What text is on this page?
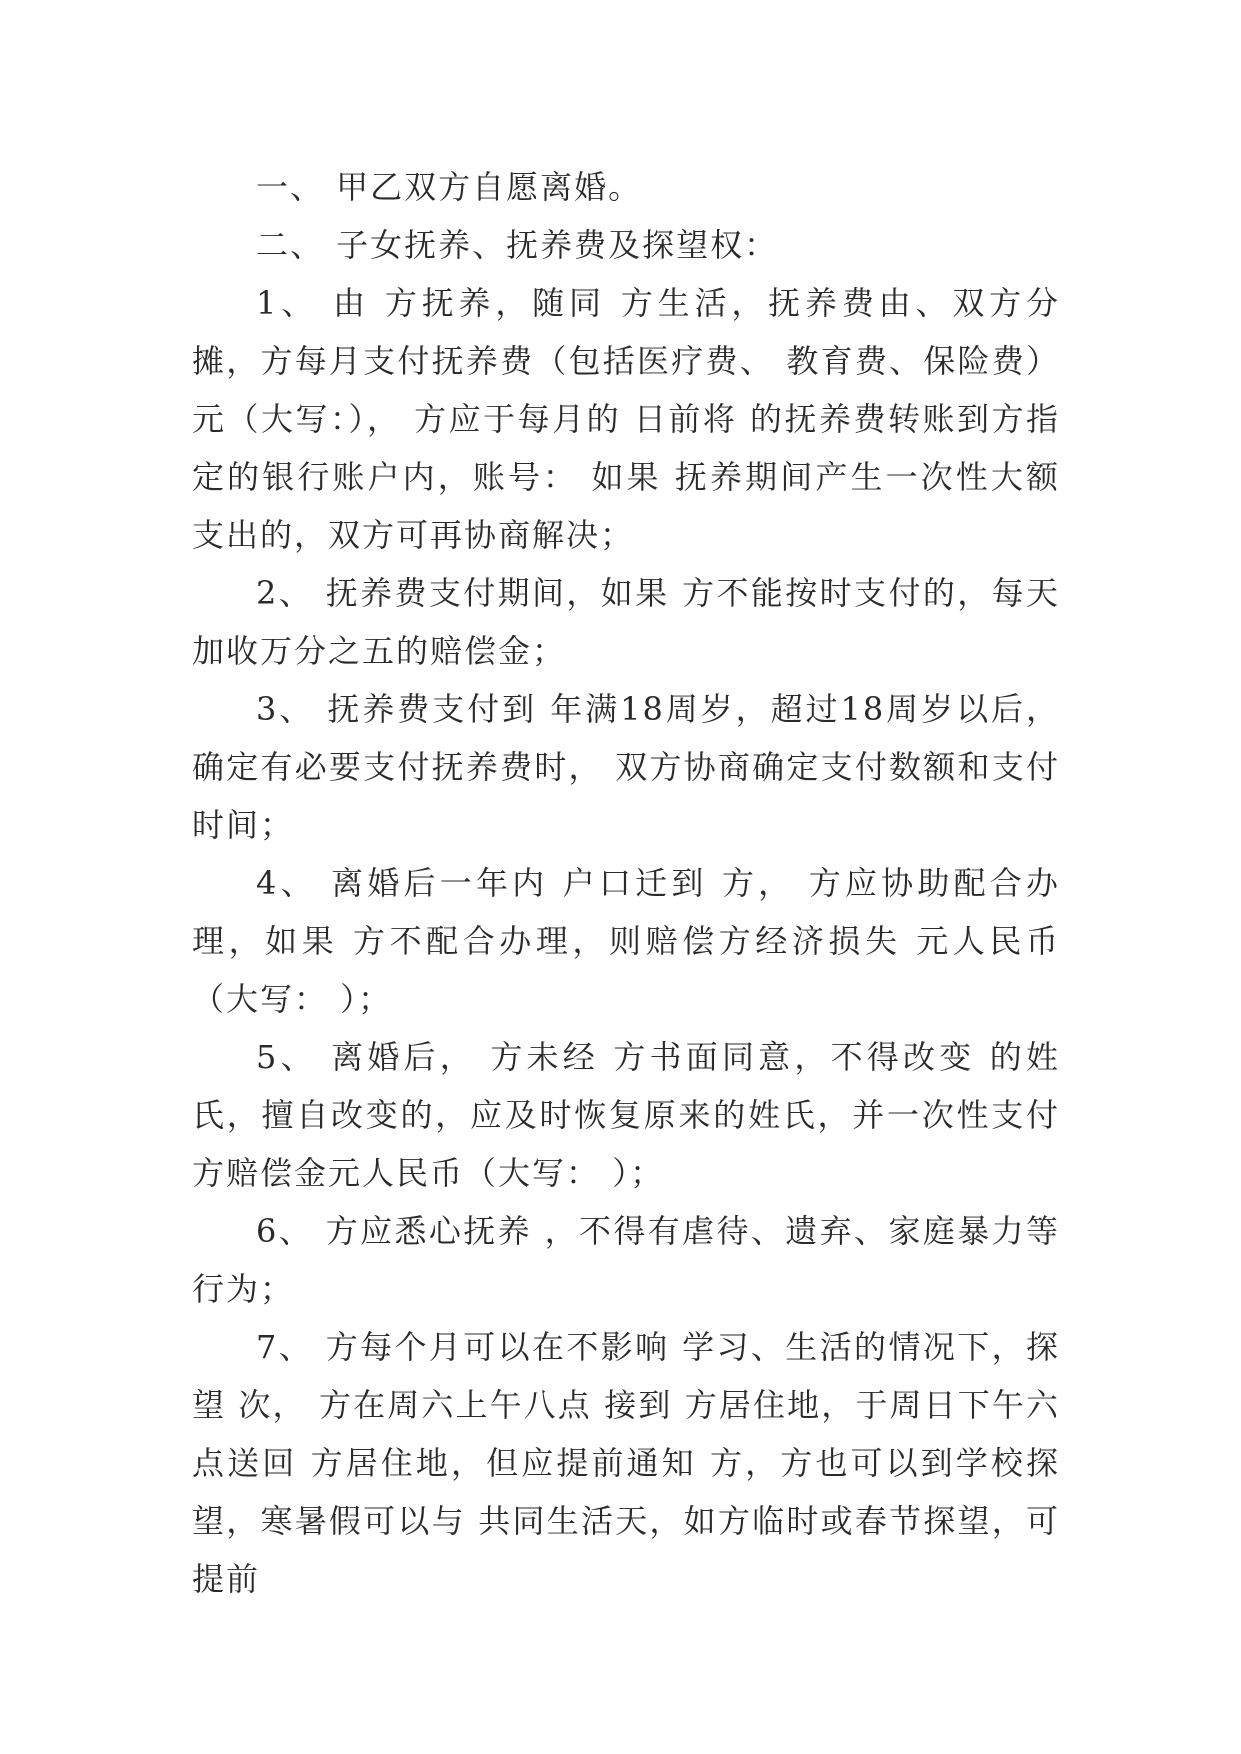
一、 甲乙双方自愿离婚。

二、 子女抚养、抚养费及探望权：

1、 由 方抚养，随同 方生活，抚养费由、双方分摊，方每月支付抚养费（包括医疗费、 教育费、保险费）元（大写：）， 方应于每月的 日前将 的抚养费转账到方指定的银行账户内，账号： 如果 抚养期间产生一次性大额支出的，双方可再协商解决；

2、 抚养费支付期间，如果 方不能按时支付的，每天加收万分之五的赔偿金；

3、 抚养费支付到 年满18周岁，超过18周岁以后，确定有必要支付抚养费时， 双方协商确定支付数额和支付时间；

4、 离婚后一年内 户口迁到 方， 方应协助配合办理，如果 方不配合办理，则赔偿方经济损失 元人民币（大写： ）；

5、 离婚后， 方未经 方书面同意，不得改变 的姓氏，擅自改变的，应及时恢复原来的姓氏，并一次性支付 方赔偿金元人民币（大写： ）；

6、 方应悉心抚养 ，不得有虐待、遗弃、家庭暴力等行为；

7、 方每个月可以在不影响 学习、生活的情况下，探望 次， 方在周六上午八点 接到 方居住地，于周日下午六点送回 方居住地，但应提前通知 方，方也可以到学校探望，寒暑假可以与 共同生活天，如方临时或春节探望，可提前
